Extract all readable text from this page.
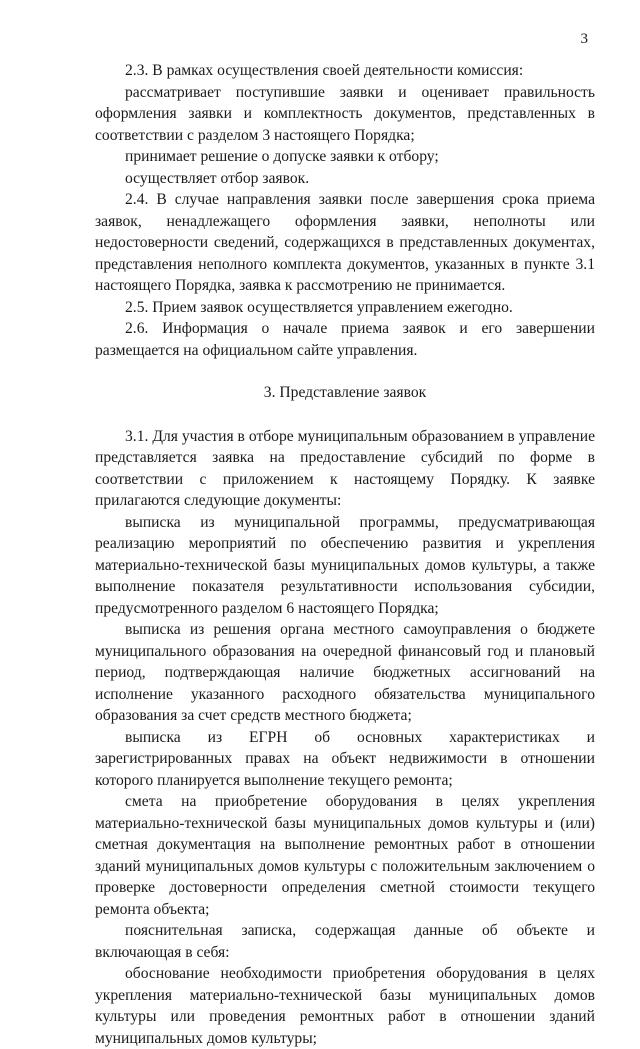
3

2.3. В рамках осуществления своей деятельности комиссия:

рассматривает поступившие заявки и оценивает правильность оформления заявки и комплектность документов, представленных в соответствии с разделом 3 настоящего Порядка;

принимает решение о допуске заявки к отбору;

осуществляет отбор заявок.

2.4. В случае направления заявки после завершения срока приема заявок, ненадлежащего оформления заявки, неполноты или недостоверности сведений, содержащихся в представленных документах, представления неполного комплекта документов, указанных в пункте 3.1 настоящего Порядка, заявка к рассмотрению не принимается.

2.5. Прием заявок осуществляется управлением ежегодно.

2.6. Информация о начале приема заявок и его завершении размещается на официальном сайте управления.

3. Представление заявок

3.1. Для участия в отборе муниципальным образованием в управление представляется заявка на предоставление субсидий по форме в соответствии с приложением к настоящему Порядку. К заявке прилагаются следующие документы:

выписка из муниципальной программы, предусматривающая реализацию мероприятий по обеспечению развития и укрепления материально-технической базы муниципальных домов культуры, а также выполнение показателя результативности использования субсидии, предусмотренного разделом 6 настоящего Порядка;

выписка из решения органа местного самоуправления о бюджете муниципального образования на очередной финансовый год и плановый период, подтверждающая наличие бюджетных ассигнований на исполнение указанного расходного обязательства муниципального образования за счет средств местного бюджета;

выписка из ЕГРН об основных характеристиках и зарегистрированных правах на объект недвижимости в отношении которого планируется выполнение текущего ремонта;

смета на приобретение оборудования в целях укрепления материально-технической базы муниципальных домов культуры и (или) сметная документация на выполнение ремонтных работ в отношении зданий муниципальных домов культуры с положительным заключением о проверке достоверности определения сметной стоимости текущего ремонта объекта;

пояснительная записка, содержащая данные об объекте и включающая в себя:

обоснование необходимости приобретения оборудования в целях укрепления материально-технической базы муниципальных домов культуры или проведения ремонтных работ в отношении зданий муниципальных домов культуры;
